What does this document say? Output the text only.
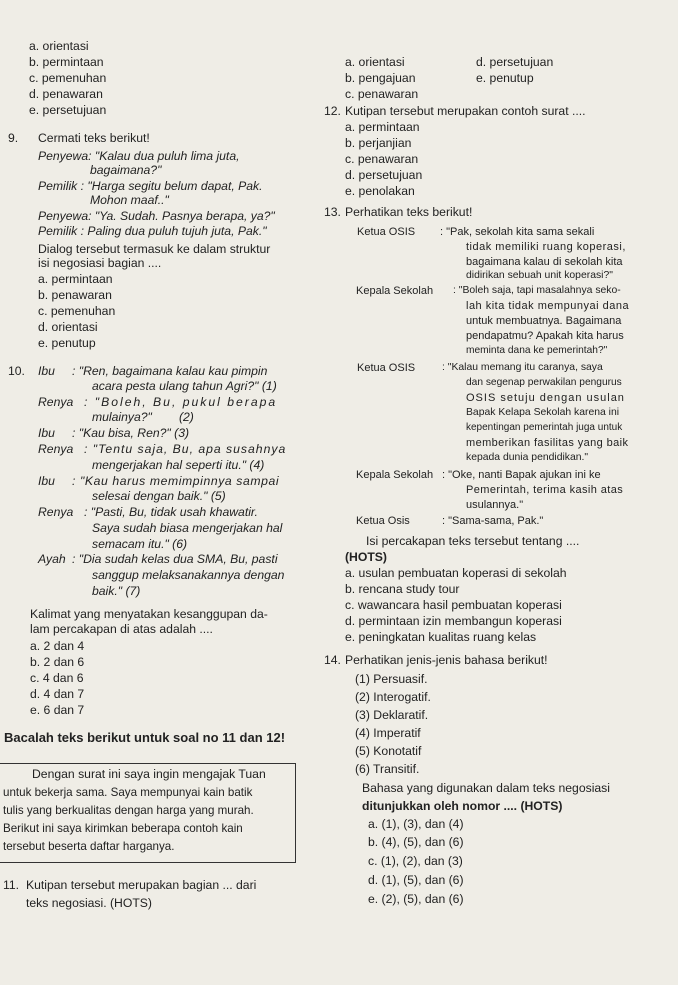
a. orientasi
b. permintaan
c. pemenuhan
d. penawaran
e. persetujuan
9. Cermati teks berikut!
Penyewa: "Kalau dua puluh lima juta,
bagaimana?"
Pemilik : "Harga segitu belum dapat, Pak.
Mohon maaf.."
Penyewa: "Ya. Sudah. Pasnya berapa, ya?"
Pemilik : Paling dua puluh tujuh juta, Pak."
Dialog tersebut termasuk ke dalam struktur
isi negosiasi bagian ....
a. permintaan
b. penawaran
c. pemenuhan
d. orientasi
e. penutup
10. Ibu : "Ren, bagaimana kalau kau pimpin
acara pesta ulang tahun Agri?" (1)
Renya : "Boleh, Bu, pukul berapa
mulainya?"        (2)
Ibu : "Kau bisa, Ren?" (3)
Renya : "Tentu saja, Bu, apa susahnya
mengerjakan hal seperti itu." (4)
Ibu : "Kau harus memimpinnya sampai
selesai dengan baik." (5)
Renya : "Pasti, Bu, tidak usah khawatir.
Saya sudah biasa mengerjakan hal
semacam itu." (6)
Ayah : "Dia sudah kelas dua SMA, Bu, pasti
sanggup melaksanakannya dengan
baik." (7)
Kalimat yang menyatakan kesanggupan da-
lam percakapan di atas adalah ....
a. 2 dan 4
b. 2 dan 6
c. 4 dan 6
d. 4 dan 7
e. 6 dan 7
Bacalah teks berikut untuk soal no 11 dan 12!
Dengan surat ini saya ingin mengajak Tuan
untuk bekerja sama. Saya mempunyai kain batik
tulis yang berkualitas dengan harga yang murah.
Berikut ini saya kirimkan beberapa contoh kain
tersebut beserta daftar harganya.
11. Kutipan tersebut merupakan bagian ... dari
teks negosiasi. (HOTS)
a. orientasi	d. persetujuan
b. pengajuan	e. penutup
c. penawaran
12. Kutipan tersebut merupakan contoh surat ....
a. permintaan
b. perjanjian
c. penawaran
d. persetujuan
e. penolakan
13. Perhatikan teks berikut!
Ketua OSIS : "Pak, sekolah kita sama sekali
tidak memiliki ruang koperasi,
bagaimana kalau di sekolah kita
didirikan sebuah unit koperasi?"
Kepala Sekolah : "Boleh saja, tapi masalahnya seko-
lah kita tidak mempunyai dana
untuk membuatnya. Bagaimana
pendapatmu? Apakah kita harus
meminta dana ke pemerintah?"
Ketua OSIS	: "Kalau memang itu caranya, saya
dan segenap perwakilan pengurus
OSIS setuju dengan usulan
Bapak Kelapa Sekolah karena ini
kepentingan pemerintah juga untuk
memberikan fasilitas yang baik
kepada dunia pendidikan."
Kepala Sekolah : "Oke, nanti Bapak ajukan ini ke
Pemerintah, terima kasih atas
usulannya."
Ketua Osis	: "Sama-sama, Pak."
Isi percakapan teks tersebut tentang ....
(HOTS)
a. usulan pembuatan koperasi di sekolah
b. rencana study tour
c. wawancara hasil pembuatan koperasi
d. permintaan izin membangun koperasi
e. peningkatan kualitas ruang kelas
14. Perhatikan jenis-jenis bahasa berikut!
(1) Persuasif.
(2) Interogatif.
(3) Deklaratif.
(4) Imperatif
(5) Konotatif
(6) Transitif.
Bahasa yang digunakan dalam teks negosiasi
ditunjukkan oleh nomor .... (HOTS)
a. (1), (3), dan (4)
b. (4), (5), dan (6)
c. (1), (2), dan (3)
d. (1), (5), dan (6)
e. (2), (5), dan (6)
